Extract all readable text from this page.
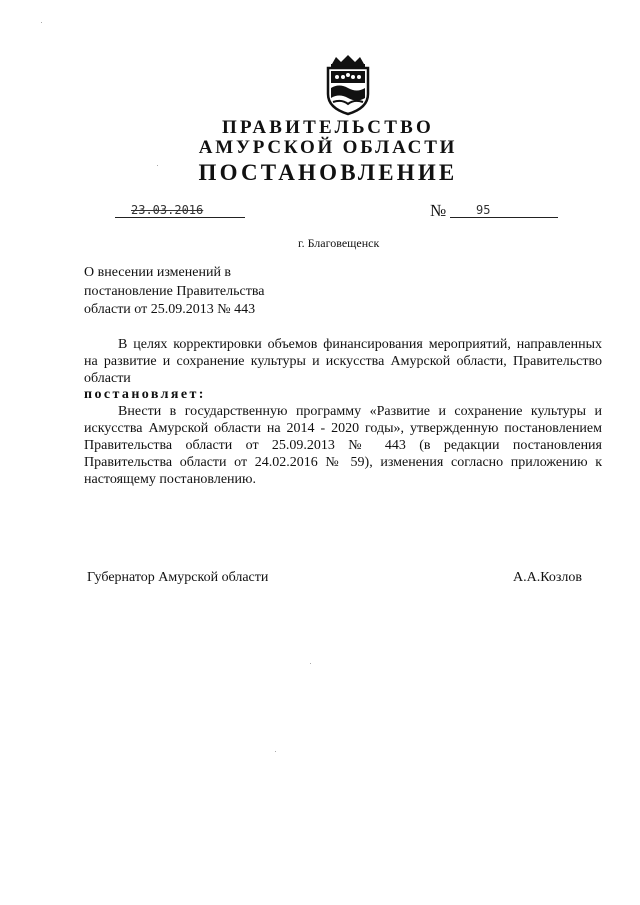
ПРАВИТЕЛЬСТВО
АМУРСКОЙ ОБЛАСТИ
ПОСТАНОВЛЕНИЕ
23.03.2016	№ 95
г. Благовещенск
О внесении изменений в
постановление Правительства
области от 25.09.2013 № 443
В целях корректировки объемов финансирования мероприятий, направленных на развитие и сохранение культуры и искусства Амурской области, Правительство области
постановляет:
Внести в государственную программу «Развитие и сохранение культуры и искусства Амурской области на 2014 - 2020 годы», утвержденную постановлением Правительства области от 25.09.2013 № 443 (в редакции постановления Правительства области от 24.02.2016 № 59), изменения согласно приложению к настоящему постановлению.
Губернатор Амурской области	А.А.Козлов
